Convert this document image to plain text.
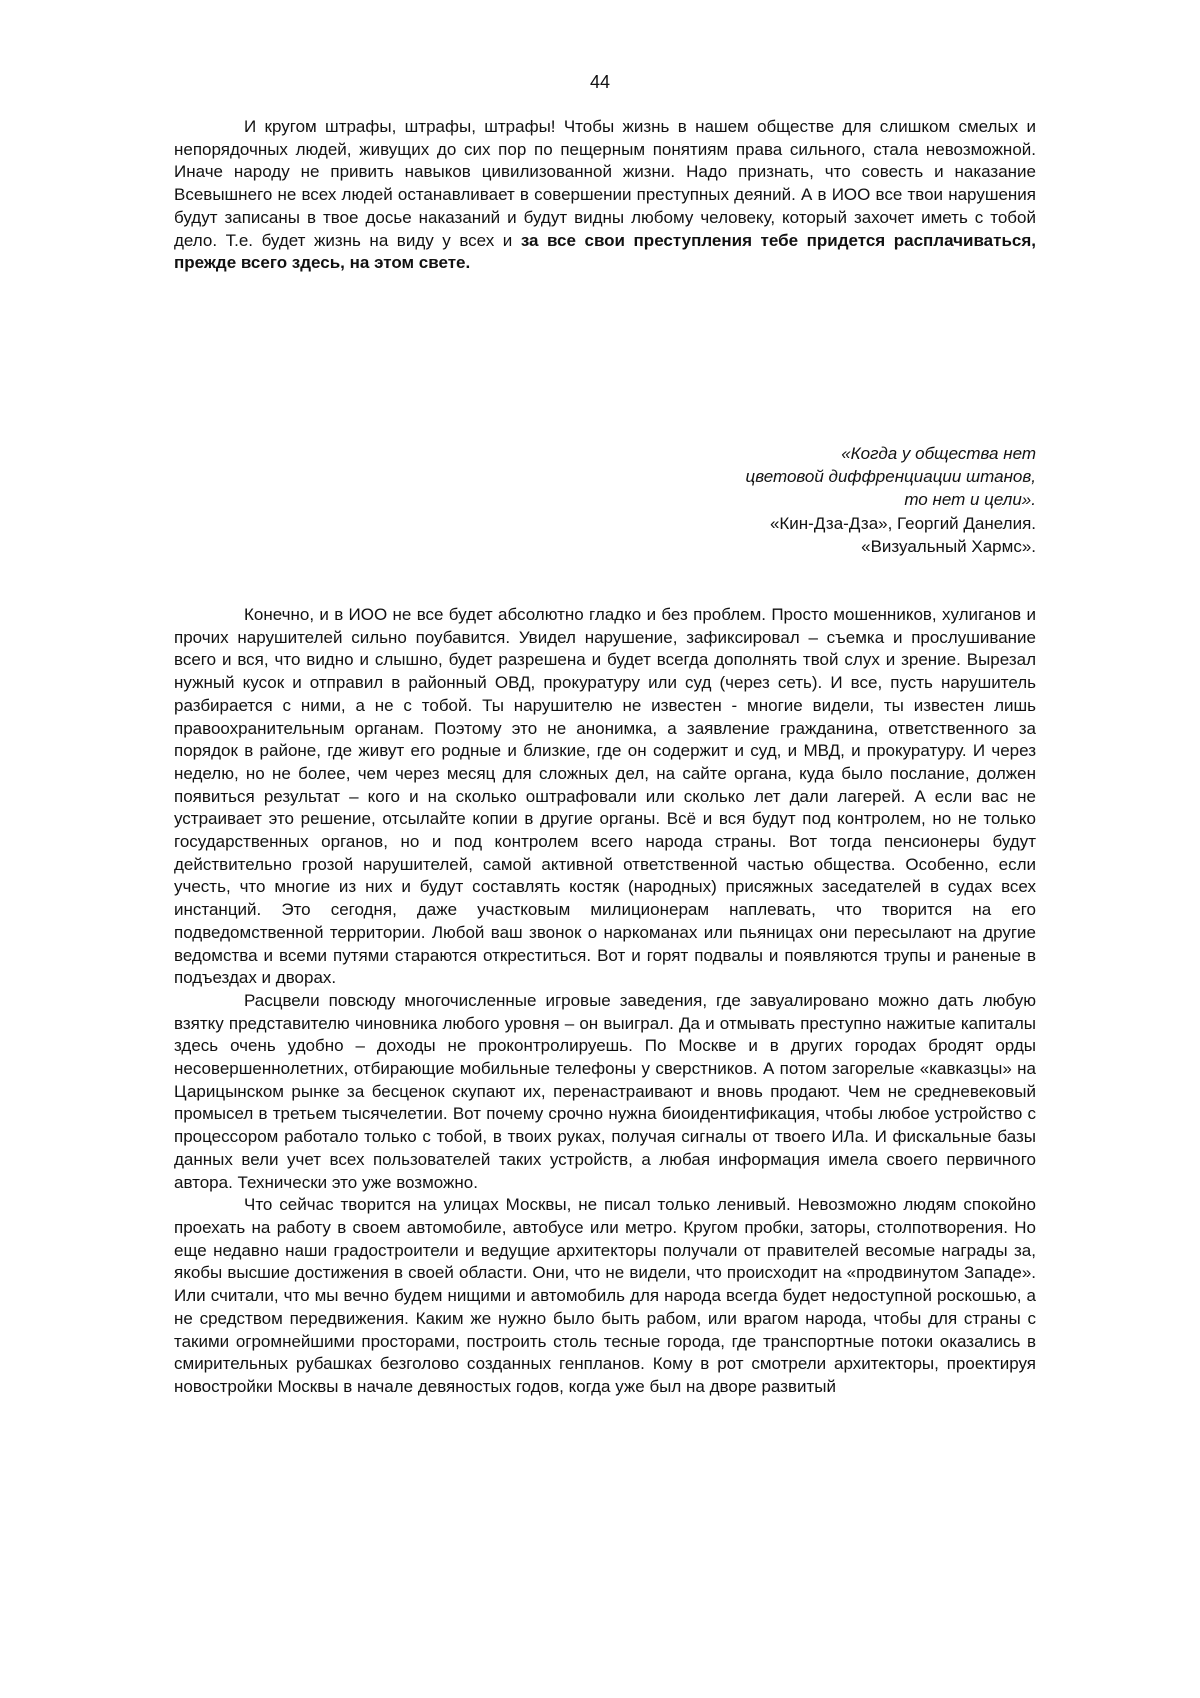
44

И кругом штрафы, штрафы, штрафы! Чтобы жизнь в нашем обществе для слишком смелых и непорядочных людей, живущих до сих пор по пещерным понятиям права сильного, стала невозможной. Иначе народу не привить навыков цивилизованной жизни. Надо признать, что совесть и наказание Всевышнего не всех людей останавливает в совершении преступных деяний. А в ИОО все твои нарушения будут записаны в твое досье наказаний и будут видны любому человеку, который захочет иметь с тобой дело. Т.е. будет жизнь на виду у всех и за все свои преступления тебе придется расплачиваться, прежде всего здесь, на этом свете.

«Когда у общества нет
цветовой диффренциации штанов,
то нет и цели».
«Кин-Дза-Дза», Георгий Данелия.
«Визуальный Хармс».

Конечно, и в ИОО не все будет абсолютно гладко и без проблем. Просто мошенников, хулиганов и прочих нарушителей сильно поубавится. Увидел нарушение, зафиксировал – съемка и прослушивание всего и вся, что видно и слышно, будет разрешена и будет всегда дополнять твой слух и зрение. Вырезал нужный кусок и отправил в районный ОВД, прокуратуру или суд (через сеть). И все, пусть нарушитель разбирается с ними, а не с тобой. Ты нарушителю не известен - многие видели, ты известен лишь правоохранительным органам. Поэтому это не анонимка, а заявление гражданина, ответственного за порядок в районе, где живут его родные и близкие, где он содержит и суд, и МВД, и прокуратуру. И через неделю, но не более, чем через месяц для сложных дел, на сайте органа, куда было послание, должен появиться результат – кого и на сколько оштрафовали или сколько лет дали лагерей. А если вас не устраивает это решение, отсылайте копии в другие органы. Всё и вся будут под контролем, но не только государственных органов, но и под контролем всего народа страны. Вот тогда пенсионеры будут действительно грозой нарушителей, самой активной ответственной частью общества. Особенно, если учесть, что многие из них и будут составлять костяк (народных) присяжных заседателей в судах всех инстанций. Это сегодня, даже участковым милиционерам наплевать, что творится на его подведомственной территории. Любой ваш звонок о наркоманах или пьяницах они пересылают на другие ведомства и всеми путями стараются откреститься. Вот и горят подвалы и появляются трупы и раненые в подъездах и дворах.

Расцвели повсюду многочисленные игровые заведения, где завуалировано можно дать любую взятку представителю чиновника любого уровня – он выиграл. Да и отмывать преступно нажитые капиталы здесь очень удобно – доходы не проконтролируешь. По Москве и в других городах бродят орды несовершеннолетних, отбирающие мобильные телефоны у сверстников. А потом загорелые «кавказцы» на Царицынском рынке за бесценок скупают их, перенастраивают и вновь продают. Чем не средневековый промысел в третьем тысячелетии. Вот почему срочно нужна биоидентификация, чтобы любое устройство с процессором работало только с тобой, в твоих руках, получая сигналы от твоего ИЛа. И фискальные базы данных вели учет всех пользователей таких устройств, а любая информация имела своего первичного автора. Технически это уже возможно.

Что сейчас творится на улицах Москвы, не писал только ленивый. Невозможно людям спокойно проехать на работу в своем автомобиле, автобусе или метро. Кругом пробки, заторы, столпотворения. Но еще недавно наши градостроители и ведущие архитекторы получали от правителей весомые награды за, якобы высшие достижения в своей области. Они, что не видели, что происходит на «продвинутом Западе». Или считали, что мы вечно будем нищими и автомобиль для народа всегда будет недоступной роскошью, а не средством передвижения. Каким же нужно было быть рабом, или врагом народа, чтобы для страны с такими огромнейшими просторами, построить столь тесные города, где транспортные потоки оказались в смирительных рубашках безголово созданных генпланов. Кому в рот смотрели архитекторы, проектируя новостройки Москвы в начале девяностых годов, когда уже был на дворе развитый
